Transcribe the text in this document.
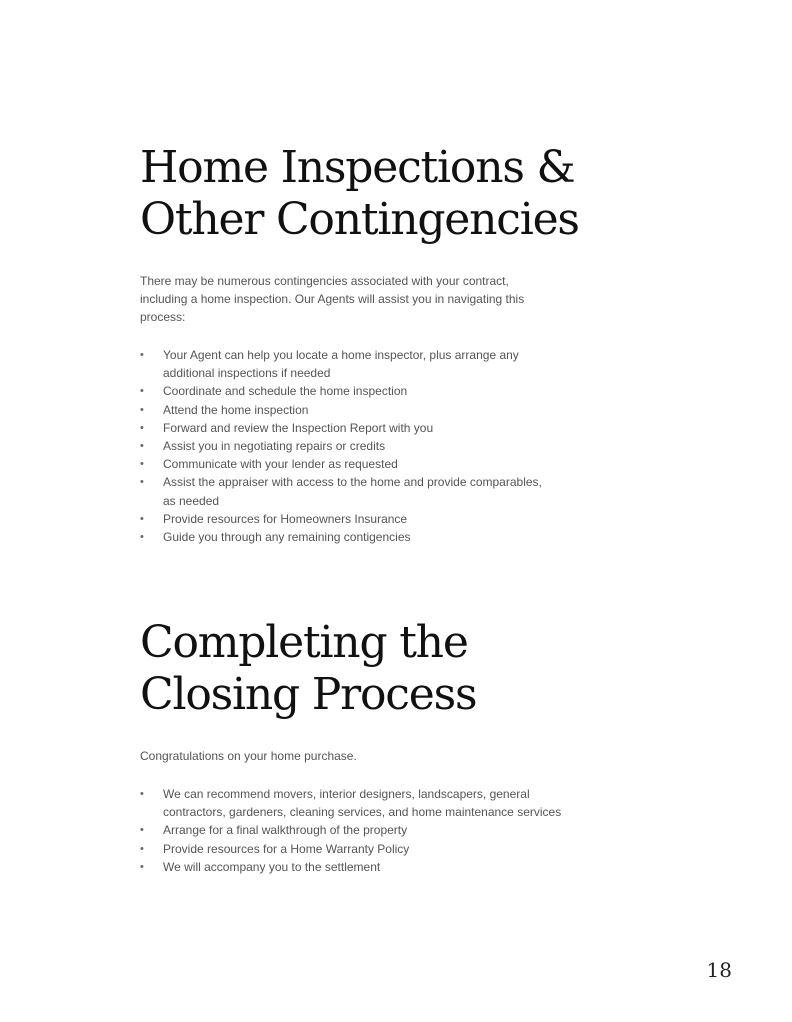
Home Inspections &
Other Contingencies

There may be numerous contingencies associated with your contract, including a home inspection. Our Agents will assist you in navigating this process:

• Your Agent can help you locate a home inspector, plus arrange any additional inspections if needed
• Coordinate and schedule the home inspection
• Attend the home inspection
• Forward and review the Inspection Report with you
• Assist you in negotiating repairs or credits
• Communicate with your lender as requested
• Assist the appraiser with access to the home and provide comparables, as needed
• Provide resources for Homeowners Insurance
• Guide you through any remaining contigencies
Completing the
Closing Process

Congratulations on your home purchase.

• We can recommend movers, interior designers, landscapers, general contractors, gardeners, cleaning services, and home maintenance services
• Arrange for a final walkthrough of the property
• Provide resources for a Home Warranty Policy
• We will accompany you to the settlement
18
